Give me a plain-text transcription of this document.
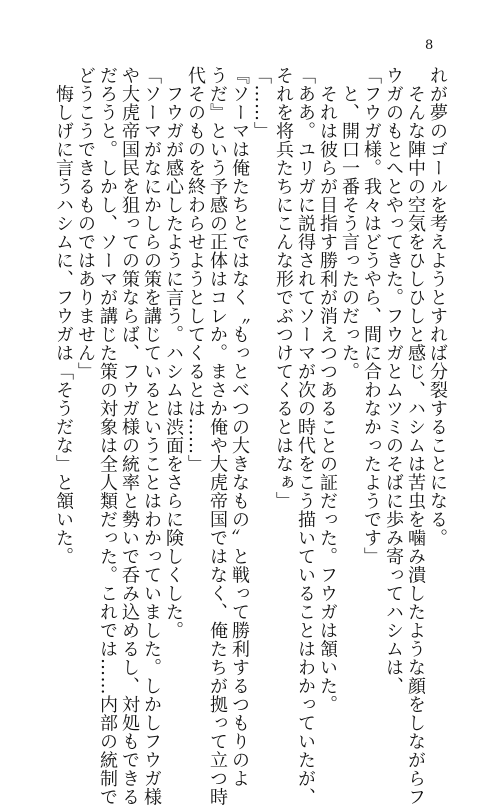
8
れが夢のゴールを考えようとすれば分裂することになる。
　そんな陣中の空気をひしひしと感じ、ハシムは苦虫を噛み潰したような顔をしながらフ
ウガのもとへとやってきた。フウガとムツミのそばに歩み寄ってハシムは、
「フウガ様。我々はどうやら、間に合わなかったようです」
　と、開口一番そう言ったのだった。
　それは彼らが目指す勝利が消えつつあることの証だった。フウガは頷いた。
「ああ。ユリガに説得されてソーマが次の時代をこう描いていることはわかっていたが、
それを将兵たちにこんな形でぶつけてくるとはなぁ」
「……」
『ソーマは俺たちとではなく〝もっとべつの大きなもの〟と戦って勝利するつもりのよ
うだ』という予感の正体はコレか。まさか俺や大虎帝国ではなく、俺たちが拠って立つ時
代そのものを終わらせようとしてくるとは……」
　フウガが感心したように言う。ハシムは渋面をさらに険しくした。
「ソーマがなにかしらの策を講じているということはわかっていました。しかしフウガ様
や大虎帝国民を狙っての策ならば、フウガ様の統率と勢いで呑み込めるし、対処もできる
だろうと。しかし、ソーマが講じた策の対象は全人類だった。これでは……内部の統制で
どうこうできるものではありません」
　悔しげに言うハシムに、フウガは「そうだな」と頷いた。
